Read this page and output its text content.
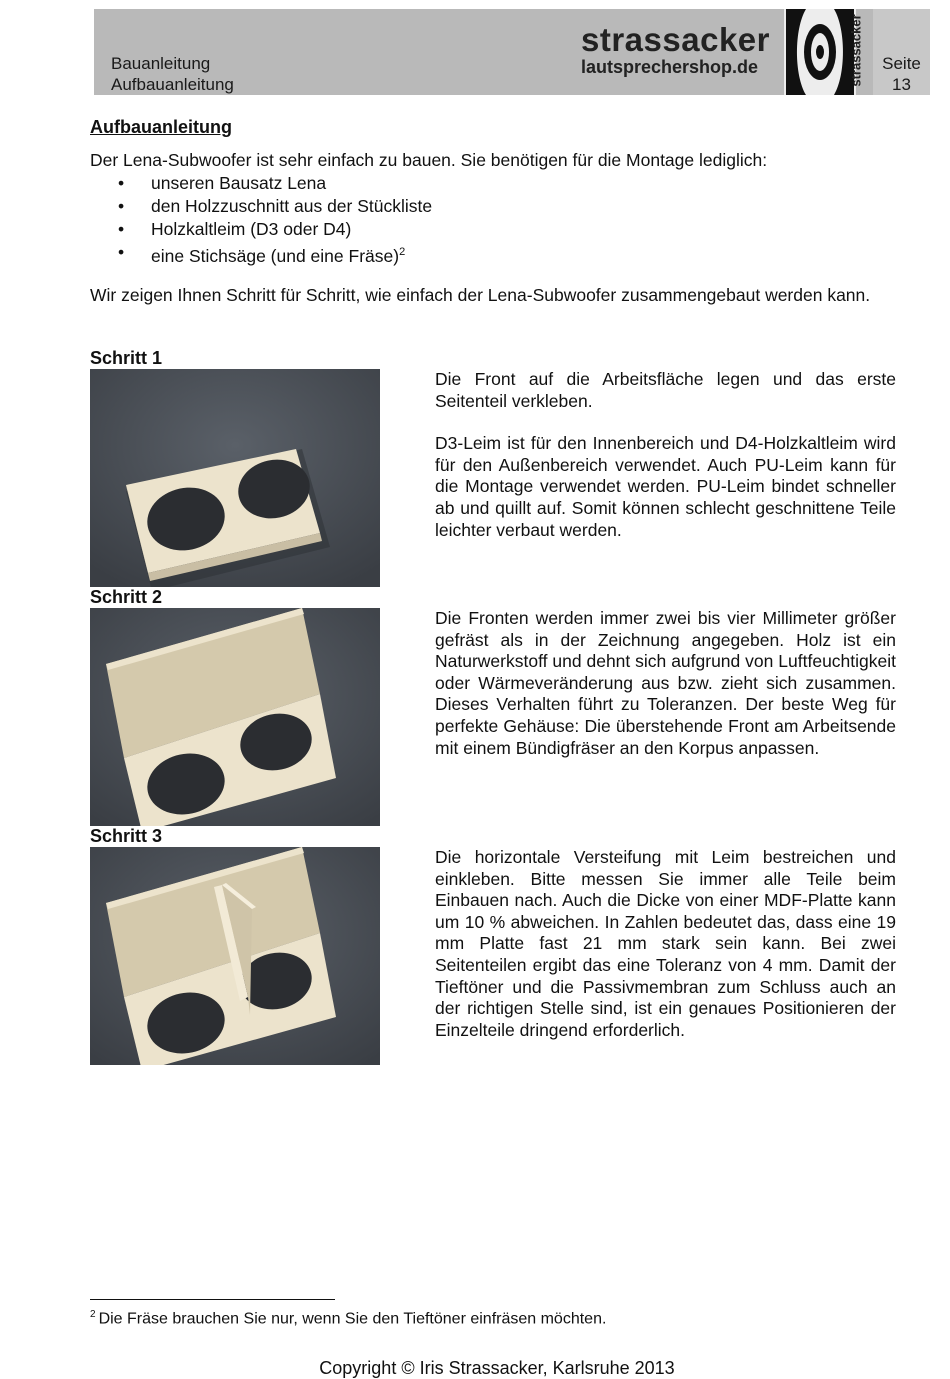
Bauanleitung
Aufbauanleitung
strassacker
lautsprechershop.de	strassacker	Seite
13
Aufbauanleitung
Der Lena-Subwoofer ist sehr einfach zu bauen. Sie benötigen für die Montage lediglich:
• unseren Bausatz Lena
• den Holzzuschnitt aus der Stückliste
• Holzkaltleim (D3 oder D4)
• eine Stichsäge (und eine Fräse)$^2$
Wir zeigen Ihnen Schritt für Schritt, wie einfach der Lena-Subwoofer zusammengebaut werden kann.
Schritt 1

Die Front auf die Arbeitsfläche legen und das erste Seitenteil verkleben.

D3-Leim ist für den Innenbereich und D4-Holzkaltleim wird für den Außenbereich verwendet. Auch PU-Leim kann für die Montage verwendet werden. PU-Leim bindet schneller ab und quillt auf. Somit können schlecht geschnittene Teile leichter verbaut werden.

Schritt 2

Die Fronten werden immer zwei bis vier Millimeter größer gefräst als in der Zeichnung angegeben. Holz ist ein Naturwerkstoff und dehnt sich aufgrund von Luftfeuchtigkeit oder Wärmeveränderung aus bzw. zieht sich zusammen. Dieses Verhalten führt zu Toleranzen. Der beste Weg für perfekte Gehäuse: Die überstehende Front am Arbeitsende mit einem Bündigfräser an den Korpus anpassen.

Schritt 3

Die horizontale Versteifung mit Leim bestreichen und einkleben. Bitte messen Sie immer alle Teile beim Einbauen nach. Auch die Dicke von einer MDF-Platte kann um 10 % abweichen. In Zahlen bedeutet das, dass eine 19 mm Platte fast 21 mm stark sein kann. Bei zwei Seitenteilen ergibt das eine Toleranz von 4 mm. Damit der Tieftöner und die Passivmembran zum Schluss auch an der richtigen Stelle sind, ist ein genaues Positionieren der Einzelteile dringend erforderlich.

$^2$ Die Fräse brauchen Sie nur, wenn Sie den Tieftöner einfräsen möchten.
Copyright © Iris Strassacker, Karlsruhe 2013
